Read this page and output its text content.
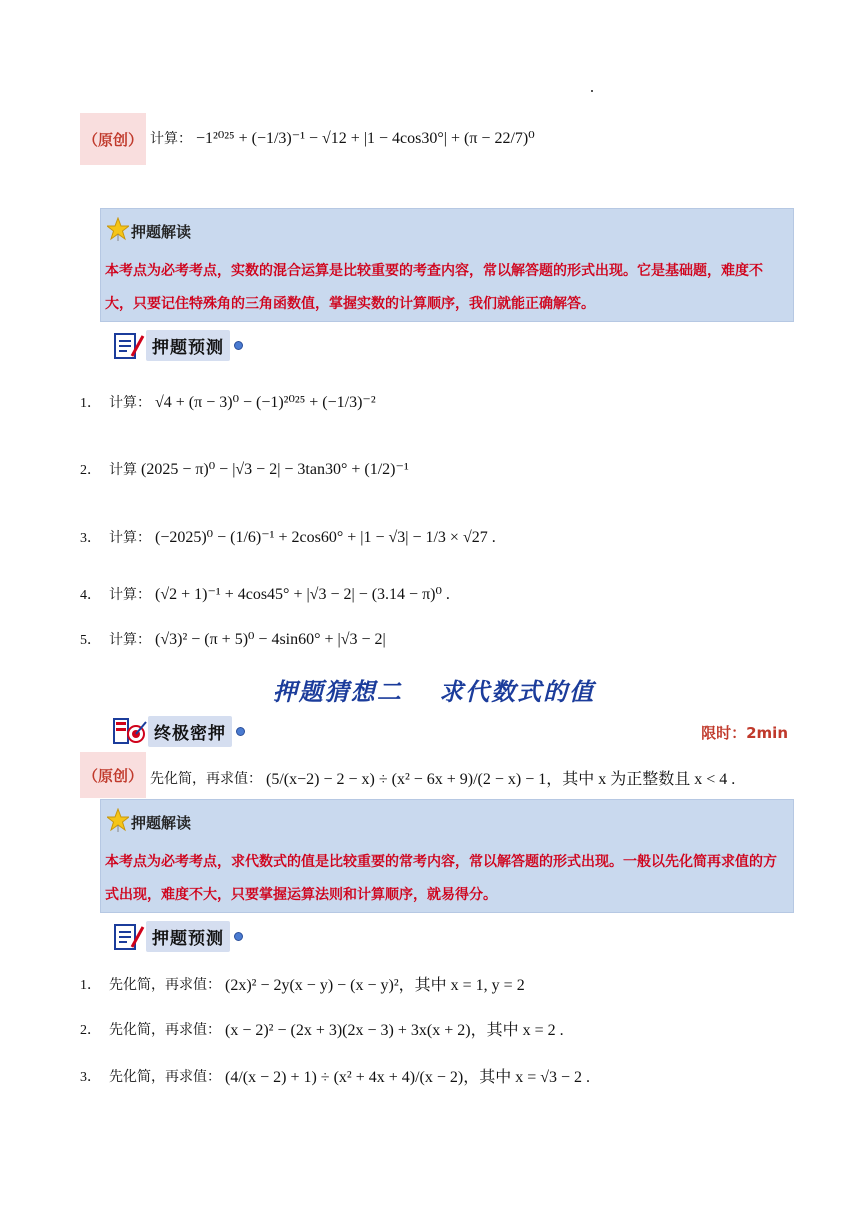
（原创） 计算： −1²⁰²⁵ + (−1/3)⁻¹ − √12 + |1 − 4cos30°| + (π − 22/7)⁰
押题解读
本考点为必考考点，实数的混合运算是比较重要的考查内容，常以解答题的形式出现。它是基础题，难度不大，只要记住特殊角的三角函数值，掌握实数的计算顺序，我们就能正确解答。
押题预测
1． 计算： √4 + (π − 3)⁰ − (−1)²⁰²⁵ + (−1/3)⁻²
2． 计算 (2025 − π)⁰ − |√3 − 2| − 3tan30° + (1/2)⁻¹
3． 计算： (−2025)⁰ − (1/6)⁻¹ + 2cos60° + |1 − √3| − 1/3 × √27 .
4． 计算： (√2 + 1)⁻¹ + 4cos45° + |√3 − 2| − (3.14 − π)⁰ .
5． 计算： (√3)² − (π + 5)⁰ − 4sin60° + |√3 − 2|
押题猜想二　 求代数式的值
终极密押	限时：2min
（原创） 先化简，再求值： (5/(x−2) − 2 − x) ÷ (x² − 6x + 9)/(2 − x) − 1，其中 x 为正整数且 x < 4 .
押题解读
本考点为必考考点，求代数式的值是比较重要的常考内容，常以解答题的形式出现。一般以先化简再求值的方式出现，难度不大，只要掌握运算法则和计算顺序，就易得分。
押题预测
1． 先化简，再求值： (2x)² − 2y(x − y) − (x − y)²，其中 x = 1, y = 2
2． 先化简，再求值： (x − 2)² − (2x + 3)(2x − 3) + 3x(x + 2)，其中 x = 2 .
3． 先化简，再求值： (4/(x − 2) + 1) ÷ (x² + 4x + 4)/(x − 2)，其中 x = √3 − 2 .
